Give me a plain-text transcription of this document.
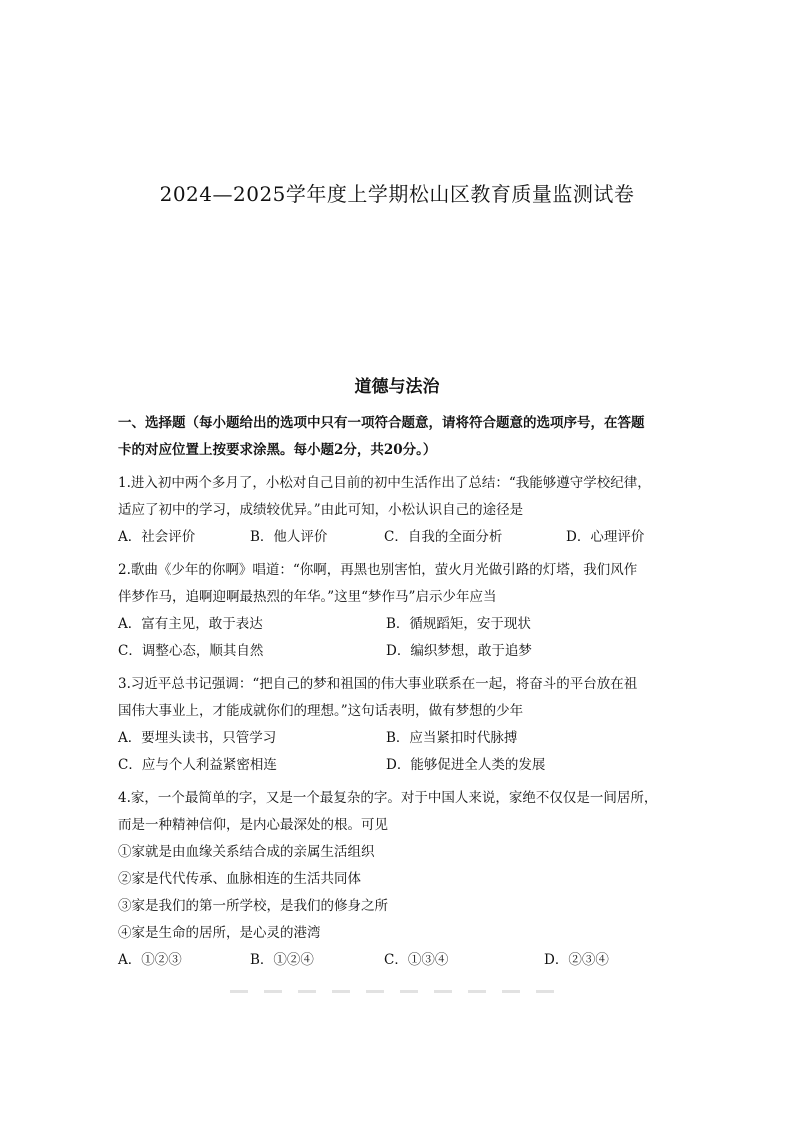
2024—2025学年度上学期松山区教育质量监测试卷
道德与法治
一、选择题（每小题给出的选项中只有一项符合题意，请将符合题意的选项序号，在答题
卡的对应位置上按要求涂黑。每小题2分，共20分。）
1.进入初中两个多月了，小松对自己目前的初中生活作出了总结：“我能够遵守学校纪律，
适应了初中的学习，成绩较优异。”由此可知，小松认识自己的途径是
A．社会评价	B．他人评价	C．自我的全面分析	D．心理评价
2.歌曲《少年的你啊》唱道：“你啊，再黑也别害怕，萤火月光做引路的灯塔，我们风作
伴梦作马，追啊迎啊最热烈的年华。”这里“梦作马”启示少年应当
A．富有主见，敢于表达	B．循规蹈矩，安于现状
C．调整心态，顺其自然	D．编织梦想，敢于追梦
3.习近平总书记强调：“把自己的梦和祖国的伟大事业联系在一起，将奋斗的平台放在祖
国伟大事业上，才能成就你们的理想。”这句话表明，做有梦想的少年
A．要埋头读书，只管学习	B．应当紧扣时代脉搏
C．应与个人利益紧密相连	D．能够促进全人类的发展
4.家，一个最简单的字，又是一个最复杂的字。对于中国人来说，家绝不仅仅是一间居所，
而是一种精神信仰，是内心最深处的根。可见
①家就是由血缘关系结合成的亲属生活组织
②家是代代传承、血脉相连的生活共同体
③家是我们的第一所学校，是我们的修身之所
④家是生命的居所，是心灵的港湾
A．①②③	B．①②④	C．①③④	D．②③④
